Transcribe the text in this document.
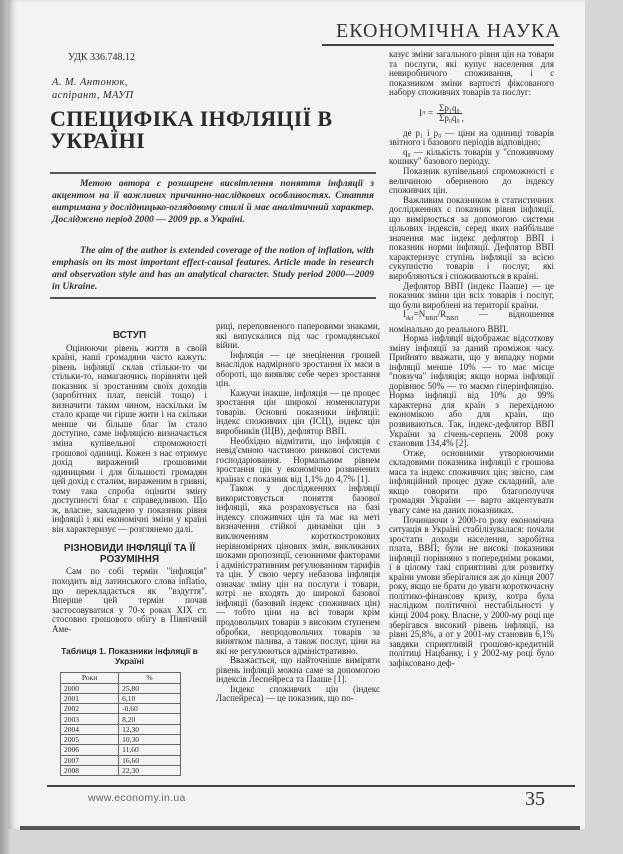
ЕКОНОМІЧНА НАУКА
УДК 336.748.12
А. М. Антонюк,
аспірант, МАУП
СПЕЦИФІКА ІНФЛЯЦІЇ В УКРАЇНІ
Метою автора є розширене висвітлення поняття інфляції з акцентом на її важливих причинно-наслідкових особливостях. Стаття витримана у дослідницько-оглядовому стилі й має аналітичний характер. Досліджено період 2000 — 2009 рр. в Україні.
The aim of the author is extended coverage of the notion of inflation, with emphasis on its most important effect-causal features. Article made in research and observation style and has an analytical character. Study period 2000—2009 in Ukraine.
ВСТУП

Оцінюючи рівень життя в своїй країні, наші громадяни часто кажуть: рівень інфляції склав стільки-то чи стільки-то, намагаючись порівняти цей показник зі зростанням своїх доходів (заробітних плат, пенсій тощо) і визначити таким чином, наскільки їм стало краще чи гірше жити і на скільки менше чи більше благ їм стало доступно, саме інфляцією визначається зміна купівельної спроможності грошової одиниці. Кожен з нас отримує дохід виражений грошовими одиницями і для більшості громадян цей дохід є сталим, вираженим в гривні, тому така спроба оцінити зміну доступності благ є справедливою. Що ж, власне, закладено у показник рівня інфляції і які економічні зміни у країні він характеризує — розглянемо далі.

РІЗНОВИДИ ІНФЛЯЦІЇ ТА ЇЇ РОЗУМІННЯ

Сам по собі термін "інфляція" походить від латинського слова inflatio, що перекладається як "вздуття". Вперше цей термін почав застосовуватися у 70-х роках XIX ст. стосовно грошового обігу в Північній Аме-

Таблиця 1. Показники інфляції в Україні
Роки	%
2000	25,80
2001	6,10
2002	-0,60
2003	8,20
2004	12,30
2005	10,30
2006	11,60
2007	16,60
2008	22,30

риці, переповненого паперовими знаками, які випускалися під час громадянської війни.

Інфляція — це знецінення грошей внаслідок надмірного зростання їх маси в обороті, що виявляє себе через зростання цін.

Кажучи інакше, інфляція — це процес зростання цін широкої номенклатури товарів. Основні показники інфляції: індекс споживчих цін (ІСЦ), індекс цін виробників (ІЦВ), дефлятор ВВП.

Необхідно відмітити, що інфляція є невід'ємною частиною ринкової системи господарювання. Нормальним рівнем зростання цін у економічно розвинених країнах є показник від 1,1% до 4,7% [1].

Також у дослідженнях інфляції використовується поняття базової інфляції, яка розраховується на базі індексу споживчих цін та має на меті визначення стійкої динаміки цін з виключенням короткострокових нерівномірних цінових змін, викликаних шоками пропозиції, сезонними факторами і адміністративним регулюванням тарифів та цін. У свою чергу небазова інфляція означає зміну цін на послуги і товари, котрі не входять до широкої базової інфляції (базовий індекс споживчих цін) — тобто ціни на всі товари крім продовольчих товарів з високим ступенем обробки, непродовольчих товарів за винятком палива, а також послуг, ціни на які не регулюються адміністративно.

Вважається, що найточніше виміряти рівень інфляції можна саме за допомогою індексів Леспейреса та Пааше [1].

Індекс споживчих цін (індекс Ласпейреса) — це показник, що по-

казує зміни загального рівня цін на товари та послуги, які купує населення для невиробничого споживання, і є показником зміни вартості фіксованого набору споживчих товарів та послуг:

I $л = \frac{\text{Σp₁q₀}}{\text{Σp₀q₀}}$ ,

де p₁ і p₀ — ціни на одиниці товарів звітного і базового періодів відповідно;

q₀ — кількість товарів у "споживчому кошику" базового періоду.

Показник купівельної спроможності є величиною оберненою до індексу споживчих цін.

Важливим показником в статистичних дослідженнях є показник рівня інфляції, що вимірюється за допомогою системи цільових індексів, серед яких найбільше значення має індекс дефлятор ВВП і показник норми інфляції. Дефлятор ВВП характеризує ступінь інфляції за всією сукупністю товарів і послуг, які виробляються і споживаються в країні.

Дефлятор ВВП (індекс Пааше) — це показник зміни цін всіх товарів і послуг, що були вироблені на території країни.

$I_{def}=N_{ВВП}/R_{ВВП}$ — відношення номінально до реального ВВП.

Норма інфляції відображає відсоткову зміну інфляції за даний проміжок часу. Прийнято вважати, що у випадку норми інфляції менше 10% — то має місце "повзуча" інфляція; якщо норма інфляції дорівнює 50% — то маємо гіперінфляцію. Норма інфляції від 10% до 99% характерна для країн з перехідною економікою або для країн, що розвиваються. Так, індекс-дефлятор ВВП України за січень-серпень 2008 року становив 134,4% [2].

Отже, основними утворюючими складовими показника інфляції є грошова маса та індекс споживчих цін; звісно, сам інфляційний процес дуже складний, але якщо говорити про благополуччя громадян України — варто акцентувати увагу саме на даних показниках.

Починаючи з 2000-го року економічна ситуація в Україні стабілізувалася: почали зростати доходи населення, заробітна плата, ВВП; були не високі показники інфляції порівняно з попередніми роками, і в цілому такі сприятливі для розвитку країни умови зберігалися аж до кінця 2007 року, якщо не брати до уваги короткочасну політико-фінансову кризу, котра була наслідком політичної нестабільності у кінці 2004 року. Власне, у 2000-му році ще зберігався високий рівень інфляції, на рівні 25,8%, а от у 2001-му становив 6,1% завдяки сприятливій грошово-кредитній політиці Нацбанку, і у 2002-му році було зафіксовано деф-

www.economy.in.ua	35
